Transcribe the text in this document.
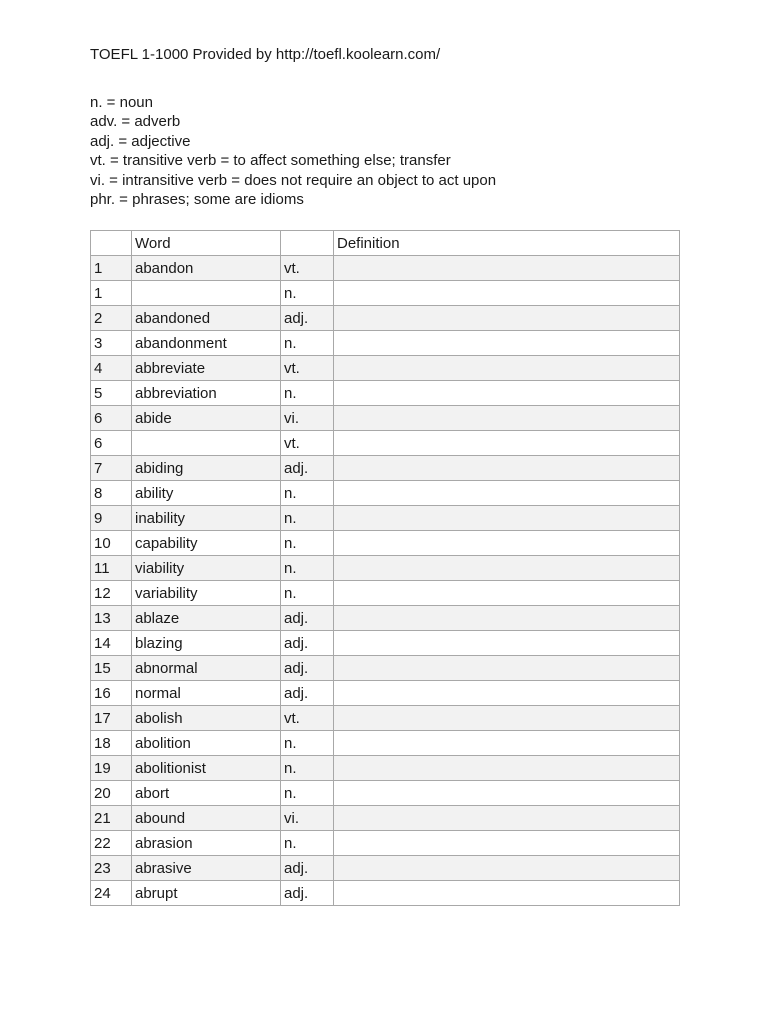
TOEFL 1-1000 Provided by http://toefl.koolearn.com/
n. = noun
adv. = adverb
adj. = adjective
vt. = transitive verb = to affect something else; transfer
vi. = intransitive verb = does not require an object to act upon
phr. = phrases; some are idioms
	Word		Definition
1	abandon	vt.	
1		n.	
2	abandoned	adj.	
3	abandonment	n.	
4	abbreviate	vt.	
5	abbreviation	n.	
6	abide	vi.	
6		vt.	
7	abiding	adj.	
8	ability	n.	
9	inability	n.	
10	capability	n.	
11	viability	n.	
12	variability	n.	
13	ablaze	adj.	
14	blazing	adj.	
15	abnormal	adj.	
16	normal	adj.	
17	abolish	vt.	
18	abolition	n.	
19	abolitionist	n.	
20	abort	n.	
21	abound	vi.	
22	abrasion	n.	
23	abrasive	adj.	
24	abrupt	adj.	
